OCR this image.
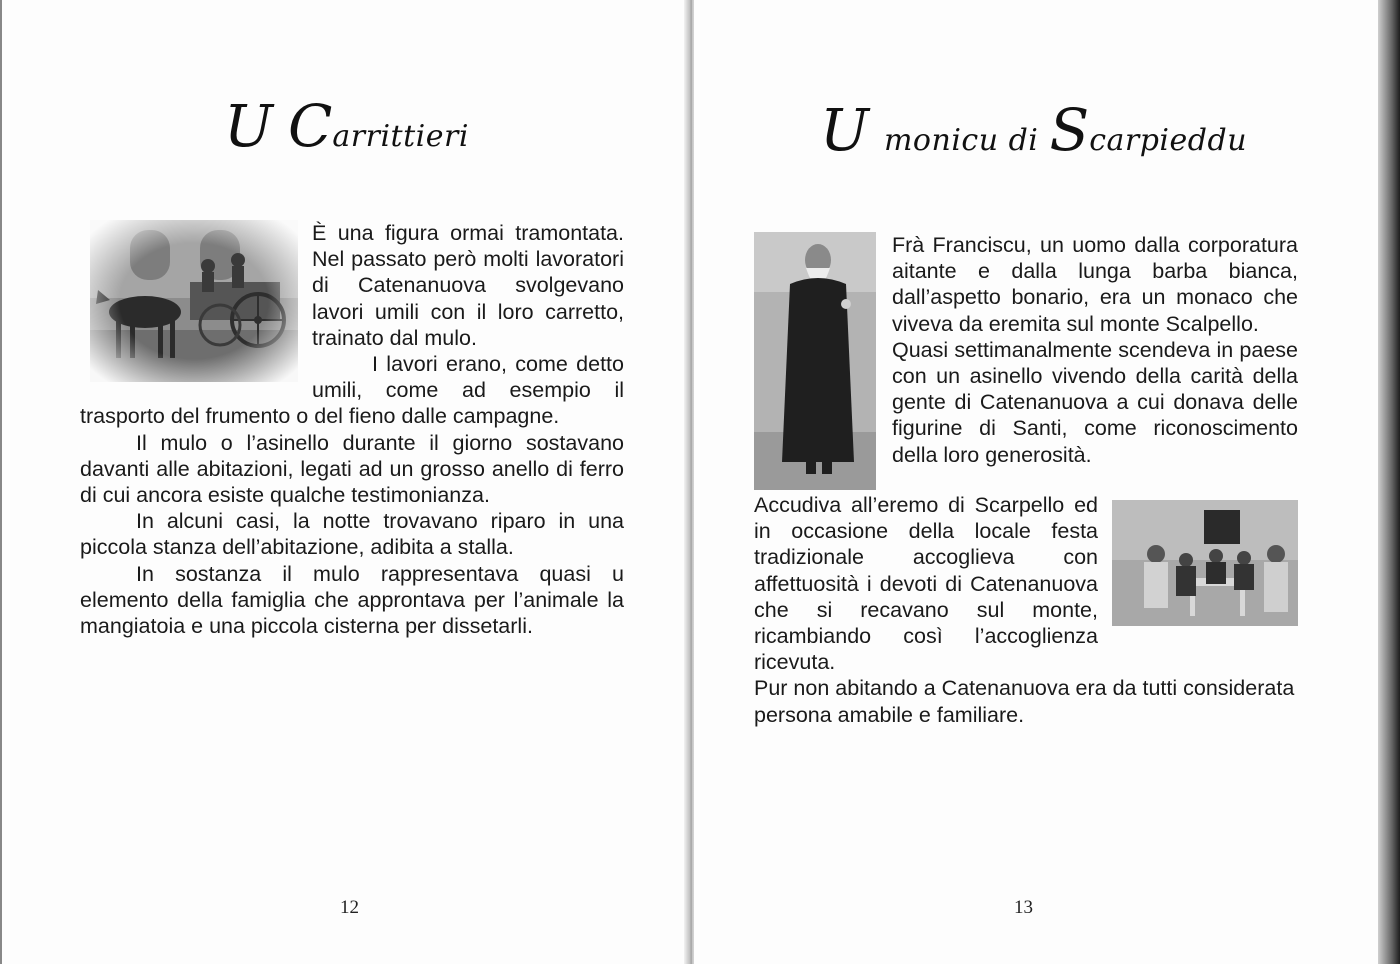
U Carrittieri

È una figura ormai tramontata. Nel passato però molti lavoratori di Catenanuova svolgevano lavori umili con il loro carretto, trainato dal mulo.

I lavori erano, come detto umili, come ad esempio il trasporto del frumento o del fieno dalle campagne.

Il mulo o l’asinello durante il giorno sostavano davanti alle abitazioni, legati ad un grosso anello di ferro di cui ancora esiste qualche testimonianza.

In alcuni casi, la notte trovavano riparo in una piccola stanza dell’abitazione, adibita a stalla.

In sostanza il mulo rappresentava quasi u elemento della famiglia che approntava per l’animale la mangiatoia e una piccola cisterna per dissetarli.

12
U monicu di Scarpieddu

Frà Franciscu, un uomo dalla corporatura aitante e dalla lunga barba bianca, dall’aspetto bonario, era un monaco che viveva da eremita sul monte Scalpello.

Quasi settimanalmente scendeva in paese con un asinello vivendo della carità della gente di Catenanuova a cui donava delle figurine di Santi, come riconoscimento della loro generosità.

Accudiva all’eremo di Scarpello ed in occasione della locale festa tradizionale accoglieva con affettuosità i devoti di Catenanuova che si recavano sul monte, ricambiando così l’accoglienza ricevuta.

Pur non abitando a Catenanuova era da tutti considerata persona amabile e familiare.

13
